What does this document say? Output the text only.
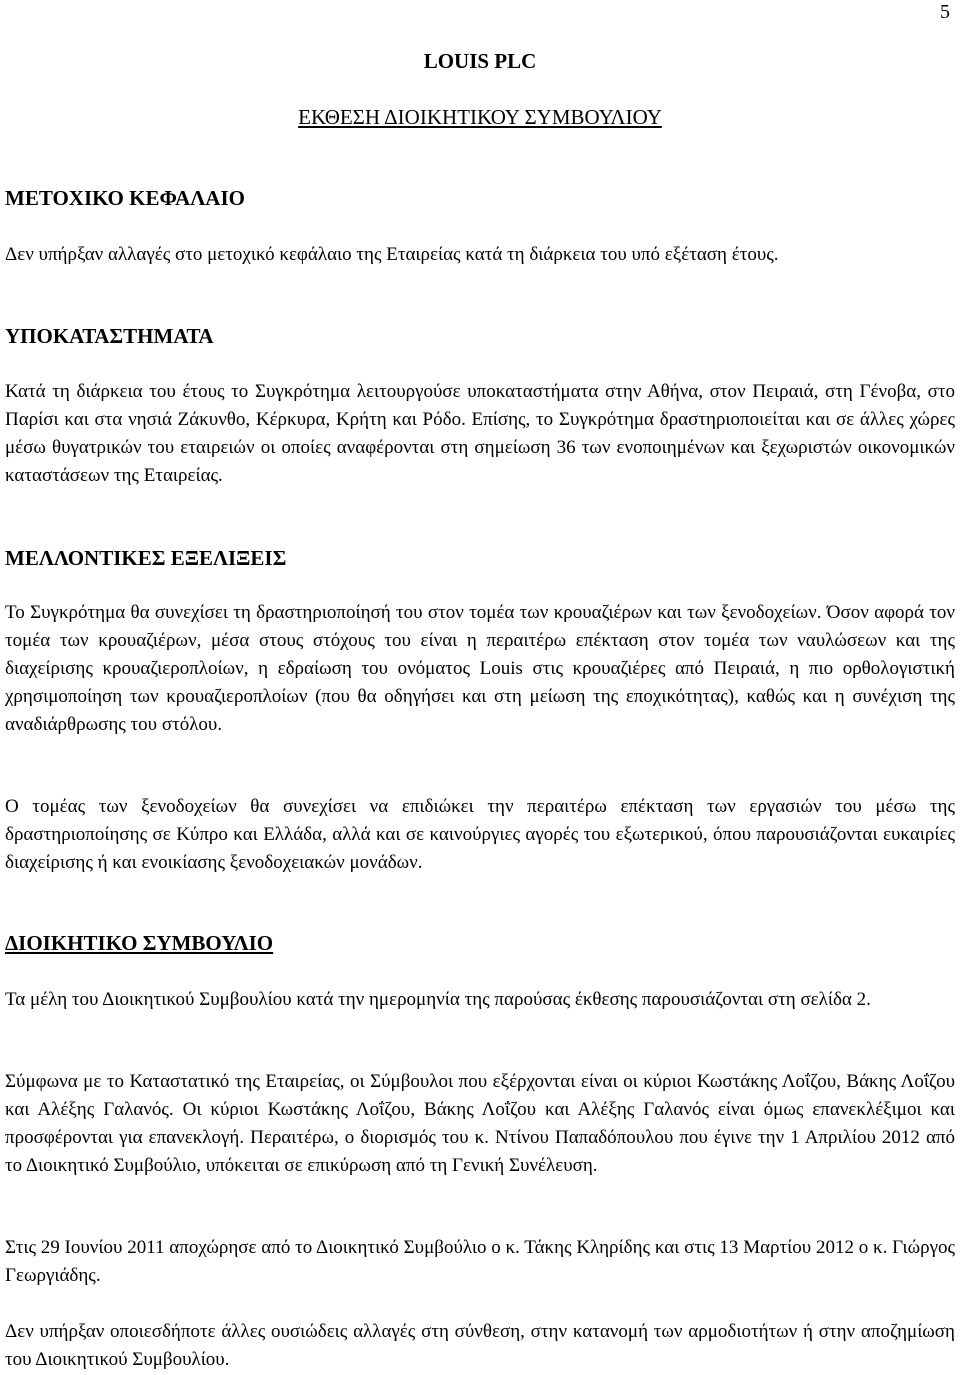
5
LOUIS PLC
ΕΚΘΕΣΗ ΔΙΟΙΚΗΤΙΚΟΥ ΣΥΜΒΟΥΛΙΟΥ

ΜΕΤΟΧΙΚΟ ΚΕΦΑΛΑΙΟ

Δεν υπήρξαν αλλαγές στο μετοχικό κεφάλαιο της Εταιρείας κατά τη διάρκεια του υπό εξέταση έτους.

ΥΠΟΚΑΤΑΣΤΗΜΑΤΑ

Κατά τη διάρκεια του έτους το Συγκρότημα λειτουργούσε υποκαταστήματα στην Αθήνα, στον Πειραιά, στη Γένοβα, στο Παρίσι και στα νησιά Ζάκυνθο, Κέρκυρα, Κρήτη και Ρόδο. Επίσης, το Συγκρότημα δραστηριοποιείται και σε άλλες χώρες μέσω θυγατρικών του εταιρειών οι οποίες αναφέρονται στη σημείωση 36 των ενοποιημένων και ξεχωριστών οικονομικών καταστάσεων της Εταιρείας.

ΜΕΛΛΟΝΤΙΚΕΣ ΕΞΕΛΙΞΕΙΣ

Το Συγκρότημα θα συνεχίσει τη δραστηριοποίησή του στον τομέα των κρουαζιέρων και των ξενοδοχείων. Όσον αφορά τον τομέα των κρουαζιέρων, μέσα στους στόχους του είναι η περαιτέρω επέκταση στον τομέα των ναυλώσεων και της διαχείρισης κρουαζιεροπλοίων, η εδραίωση του ονόματος Louis στις κρουαζιέρες από Πειραιά, η πιο ορθολογιστική χρησιμοποίηση των κρουαζιεροπλοίων (που θα οδηγήσει και στη μείωση της εποχικότητας), καθώς και η συνέχιση της αναδιάρθρωσης του στόλου.

Ο τομέας των ξενοδοχείων θα συνεχίσει να επιδιώκει την περαιτέρω επέκταση των εργασιών του μέσω της δραστηριοποίησης σε Κύπρο και Ελλάδα, αλλά και σε καινούργιες αγορές του εξωτερικού, όπου παρουσιάζονται ευκαιρίες διαχείρισης ή και ενοικίασης ξενοδοχειακών μονάδων.

ΔΙΟΙΚΗΤΙΚΟ ΣΥΜΒΟΥΛΙΟ

Τα μέλη του Διοικητικού Συμβουλίου κατά την ημερομηνία της παρούσας έκθεσης παρουσιάζονται στη σελίδα 2.

Σύμφωνα με το Καταστατικό της Εταιρείας, οι Σύμβουλοι που εξέρχονται είναι οι κύριοι Κωστάκης Λοΐζου, Βάκης Λοΐζου και Αλέξης Γαλανός. Οι κύριοι Κωστάκης Λοΐζου, Βάκης Λοΐζου και Αλέξης Γαλανός είναι όμως επανεκλέξιμοι και προσφέρονται για επανεκλογή. Περαιτέρω, ο διορισμός του κ. Ντίνου Παπαδόπουλου που έγινε την 1 Απριλίου 2012 από το Διοικητικό Συμβούλιο, υπόκειται σε επικύρωση από τη Γενική Συνέλευση.

Στις 29 Ιουνίου 2011 αποχώρησε από το Διοικητικό Συμβούλιο ο κ. Τάκης Κληρίδης και στις 13 Μαρτίου 2012 ο κ. Γιώργος Γεωργιάδης.

Δεν υπήρξαν οποιεσδήποτε άλλες ουσιώδεις αλλαγές στη σύνθεση, στην κατανομή των αρμοδιοτήτων ή στην αποζημίωση του Διοικητικού Συμβουλίου.
